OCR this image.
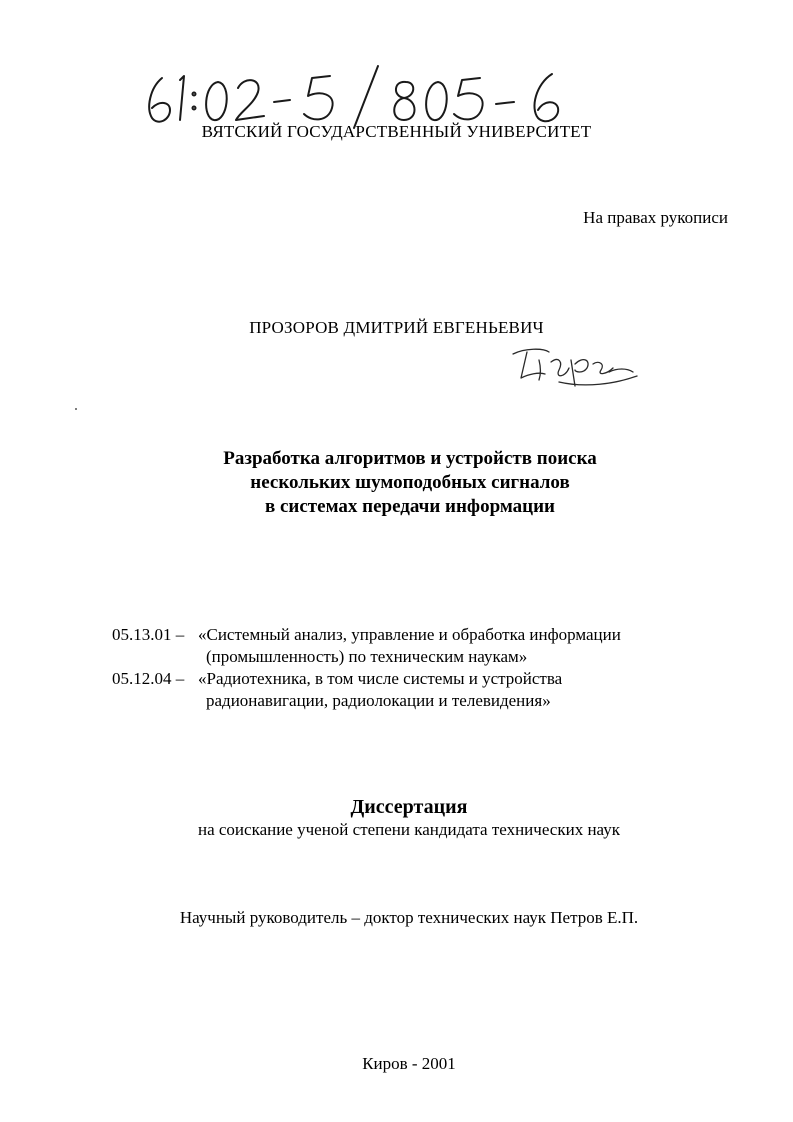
ВЯТСКИЙ ГОСУДАРСТВЕННЫЙ УНИВЕРСИТЕТ
На правах рукописи
ПРОЗОРОВ ДМИТРИЙ ЕВГЕНЬЕВИЧ
Разработка алгоритмов и устройств поиска
нескольких шумоподобных сигналов
в системах передачи информации
05.13.01 – «Системный анализ, управление и обработка информации
(промышленность) по техническим наукам»
05.12.04 – «Радиотехника, в том числе системы и устройства
радионавигации, радиолокации и телевидения»
Диссертация
на соискание ученой степени кандидата технических наук
Научный руководитель – доктор технических наук Петров Е.П.
Киров - 2001
